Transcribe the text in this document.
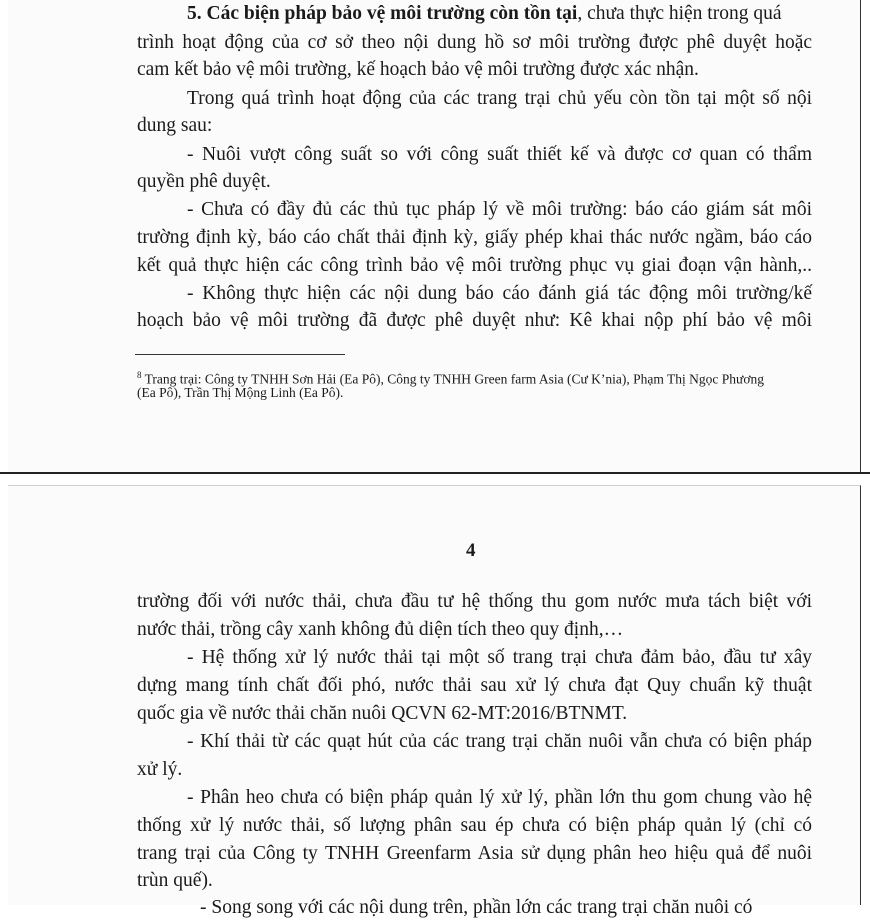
5. Các biện pháp bảo vệ môi trường còn tồn tại, chưa thực hiện trong quá
trình hoạt động của cơ sở theo nội dung hồ sơ môi trường được phê duyệt hoặc
cam kết bảo vệ môi trường, kế hoạch bảo vệ môi trường được xác nhận.
Trong quá trình hoạt động của các trang trại chủ yếu còn tồn tại một số nội
dung sau:
- Nuôi vượt công suất so với công suất thiết kế và được cơ quan có thẩm
quyền phê duyệt.
- Chưa có đầy đủ các thủ tục pháp lý về môi trường: báo cáo giám sát môi
trường định kỳ, báo cáo chất thải định kỳ, giấy phép khai thác nước ngầm, báo cáo
kết quả thực hiện các công trình bảo vệ môi trường phục vụ giai đoạn vận hành,..
- Không thực hiện các nội dung báo cáo đánh giá tác động môi trường/kế
hoạch bảo vệ môi trường đã được phê duyệt như: Kê khai nộp phí bảo vệ môi
$^8$ Trang trại: Công ty TNHH Sơn Hải (Ea Pô), Công ty TNHH Green farm Asia (Cư K’nia), Phạm Thị Ngọc Phương
(Ea Pô), Trần Thị Mộng Linh (Ea Pô).
4
trường đối với nước thải, chưa đầu tư hệ thống thu gom nước mưa tách biệt với
nước thải, trồng cây xanh không đủ diện tích theo quy định,…
- Hệ thống xử lý nước thải tại một số trang trại chưa đảm bảo, đầu tư xây
dựng mang tính chất đối phó, nước thải sau xử lý chưa đạt Quy chuẩn kỹ thuật
quốc gia về nước thải chăn nuôi QCVN 62-MT:2016/BTNMT.
- Khí thải từ các quạt hút của các trang trại chăn nuôi vẫn chưa có biện pháp
xử lý.
- Phân heo chưa có biện pháp quản lý xử lý, phần lớn thu gom chung vào hệ
thống xử lý nước thải, số lượng phân sau ép chưa có biện pháp quản lý (chỉ có
trang trại của Công ty TNHH Greenfarm Asia sử dụng phân heo hiệu quả để nuôi
trùn quế).
- Song song với các nội dung trên, phần lớn các trang trại chăn nuôi có
